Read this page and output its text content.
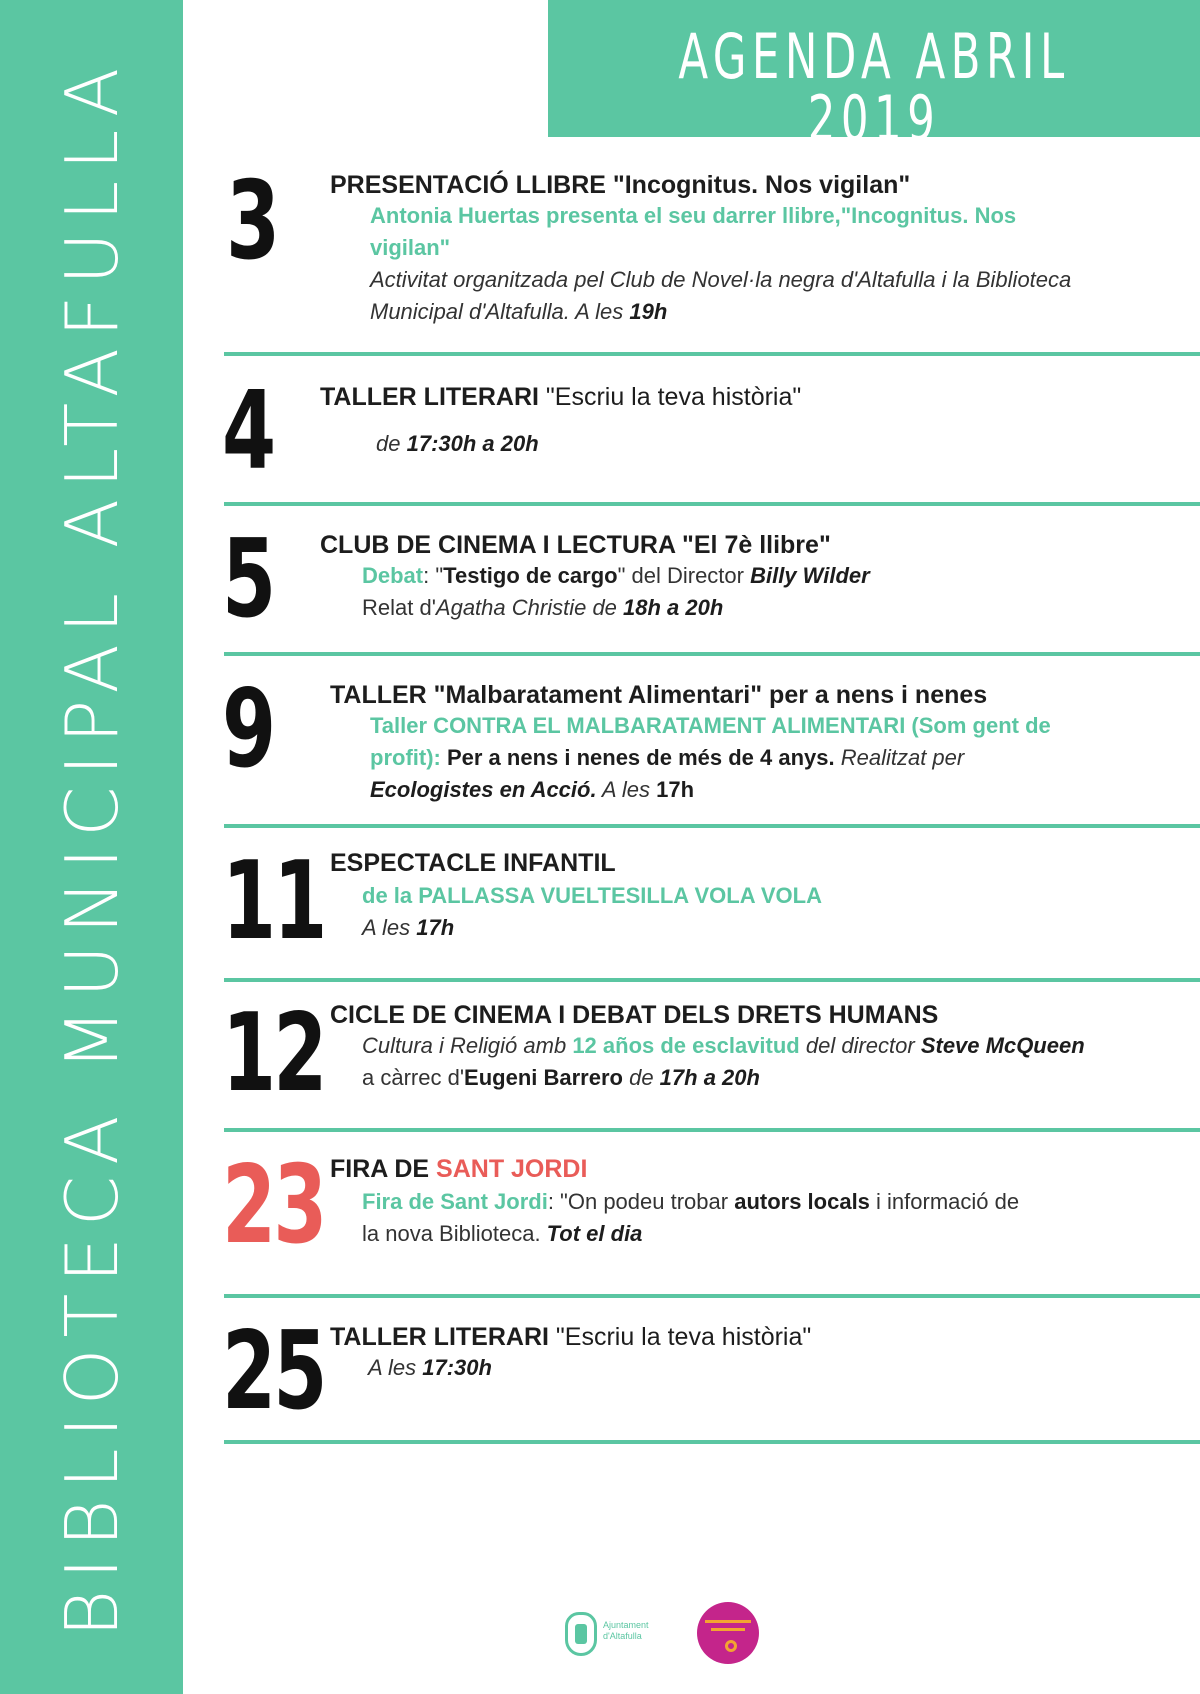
BIBLIOTECA MUNICIPAL ALTAFULLA
AGENDA ABRIL 2019
3	PRESENTACIÓ LLIBRE "Incognitus. Nos vigilan"
Antonia Huertas presenta el seu darrer llibre,"Incognitus. Nos
vigilan"
Activitat organitzada pel Club de Novel·la negra d'Altafulla i la Biblioteca
Municipal d'Altafulla. A les 19h
4	TALLER LITERARI "Escriu la teva història"
de 17:30h a 20h
5	CLUB DE CINEMA I LECTURA "El 7è llibre"
Debat: "Testigo de cargo" del Director Billy Wilder
Relat d'Agatha Christie de 18h a 20h
9	TALLER "Malbaratament Alimentari" per a nens i nenes
Taller CONTRA EL MALBARATAMENT ALIMENTARI (Som gent de
profit): Per a nens i nenes de més de 4 anys. Realitzat per
Ecologistes en Acció. A les 17h
11 ESPECTACLE INFANTIL
de la PALLASSA VUELTESILLA VOLA VOLA
A les 17h
12 CICLE DE CINEMA I DEBAT DELS DRETS HUMANS
Cultura i Religió amb 12 años de esclavitud del director Steve McQueen
a càrrec d'Eugeni Barrero de 17h a 20h
23 FIRA DE SANT JORDI
Fira de Sant Jordi: "On podeu trobar autors locals i informació de
la nova Biblioteca. Tot el dia
25 TALLER LITERARI "Escriu la teva història"
A les 17:30h
Ajuntament
d'Altafulla
